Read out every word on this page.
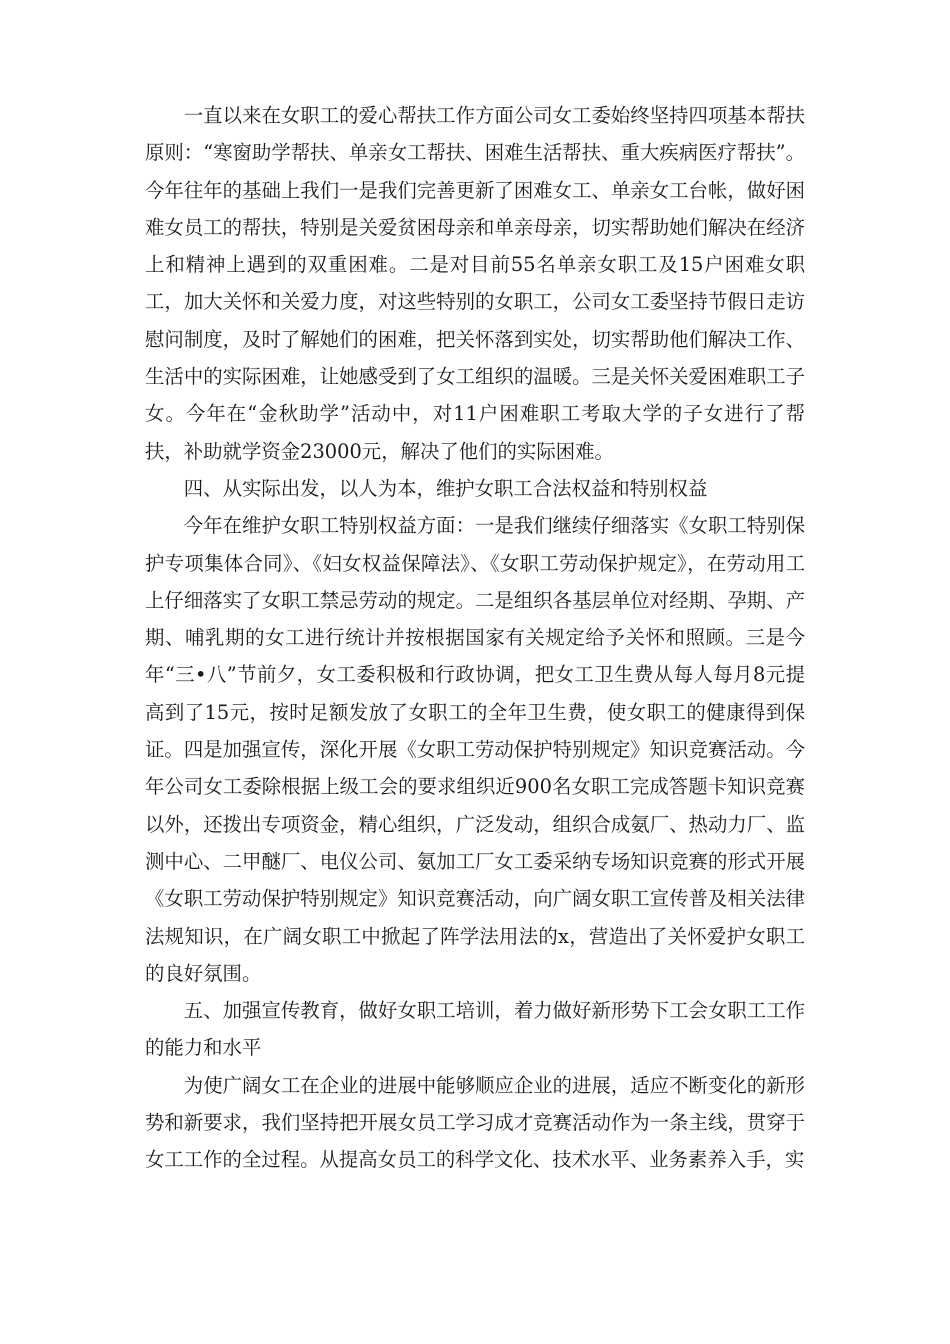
一直以来在女职工的爱心帮扶工作方面公司女工委始终坚持四项基本帮扶原则：“寒窗助学帮扶、单亲女工帮扶、困难生活帮扶、重大疾病医疗帮扶”。今年往年的基础上我们一是我们完善更新了困难女工、单亲女工台帐，做好困难女员工的帮扶，特别是关爱贫困母亲和单亲母亲，切实帮助她们解决在经济上和精神上遇到的双重困难。二是对目前55名单亲女职工及15户困难女职工，加大关怀和关爱力度，对这些特别的女职工，公司女工委坚持节假日走访慰问制度，及时了解她们的困难，把关怀落到实处，切实帮助他们解决工作、生活中的实际困难，让她感受到了女工组织的温暖。三是关怀关爱困难职工子女。今年在“金秋助学”活动中，对11户困难职工考取大学的子女进行了帮扶，补助就学资金23000元，解决了他们的实际困难。

四、从实际出发，以人为本，维护女职工合法权益和特别权益

今年在维护女职工特别权益方面：一是我们继续仔细落实《女职工特别保护专项集体合同》、《妇女权益保障法》、《女职工劳动保护规定》，在劳动用工上仔细落实了女职工禁忌劳动的规定。二是组织各基层单位对经期、孕期、产期、哺乳期的女工进行统计并按根据国家有关规定给予关怀和照顾。三是今年“三•八”节前夕，女工委积极和行政协调，把女工卫生费从每人每月8元提高到了15元，按时足额发放了女职工的全年卫生费，使女职工的健康得到保证。四是加强宣传，深化开展《女职工劳动保护特别规定》知识竞赛活动。今年公司女工委除根据上级工会的要求组织近900名女职工完成答题卡知识竞赛以外，还拨出专项资金，精心组织，广泛发动，组织合成氨厂、热动力厂、监测中心、二甲醚厂、电仪公司、氨加工厂女工委采纳专场知识竞赛的形式开展《女职工劳动保护特别规定》知识竞赛活动，向广阔女职工宣传普及相关法律法规知识，在广阔女职工中掀起了阵学法用法的x，营造出了关怀爱护女职工的良好氛围。

五、加强宣传教育，做好女职工培训，着力做好新形势下工会女职工工作的能力和水平

为使广阔女工在企业的进展中能够顺应企业的进展，适应不断变化的新形势和新要求，我们坚持把开展女员工学习成才竞赛活动作为一条主线，贯穿于女工工作的全过程。从提高女员工的科学文化、技术水平、业务素养入手，实
